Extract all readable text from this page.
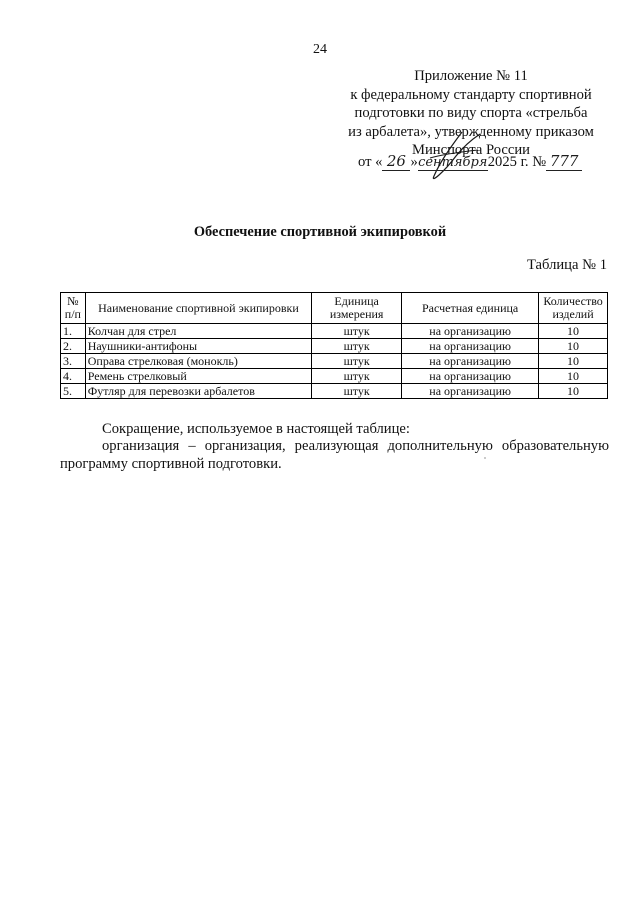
24
Приложение № 11
к федеральному стандарту спортивной
подготовки по виду спорта «стрельба
из арбалета», утвержденному приказом
Минспорта России
от « 26 »сентября2025 г. № 777
Обеспечение спортивной экипировкой
Таблица № 1
№ п/п	Наименование спортивной экипировки	Единица измерения	Расчетная единица	Количество изделий
1.	Колчан для стрел	штук	на организацию	10
2.	Наушники-антифоны	штук	на организацию	10
3.	Оправа стрелковая (монокль)	штук	на организацию	10
4.	Ремень стрелковый	штук	на организацию	10
5.	Футляр для перевозки арбалетов	штук	на организацию	10
Сокращение, используемое в настоящей таблице:
организация – организация, реализующая дополнительную образовательную программу спортивной подготовки.
